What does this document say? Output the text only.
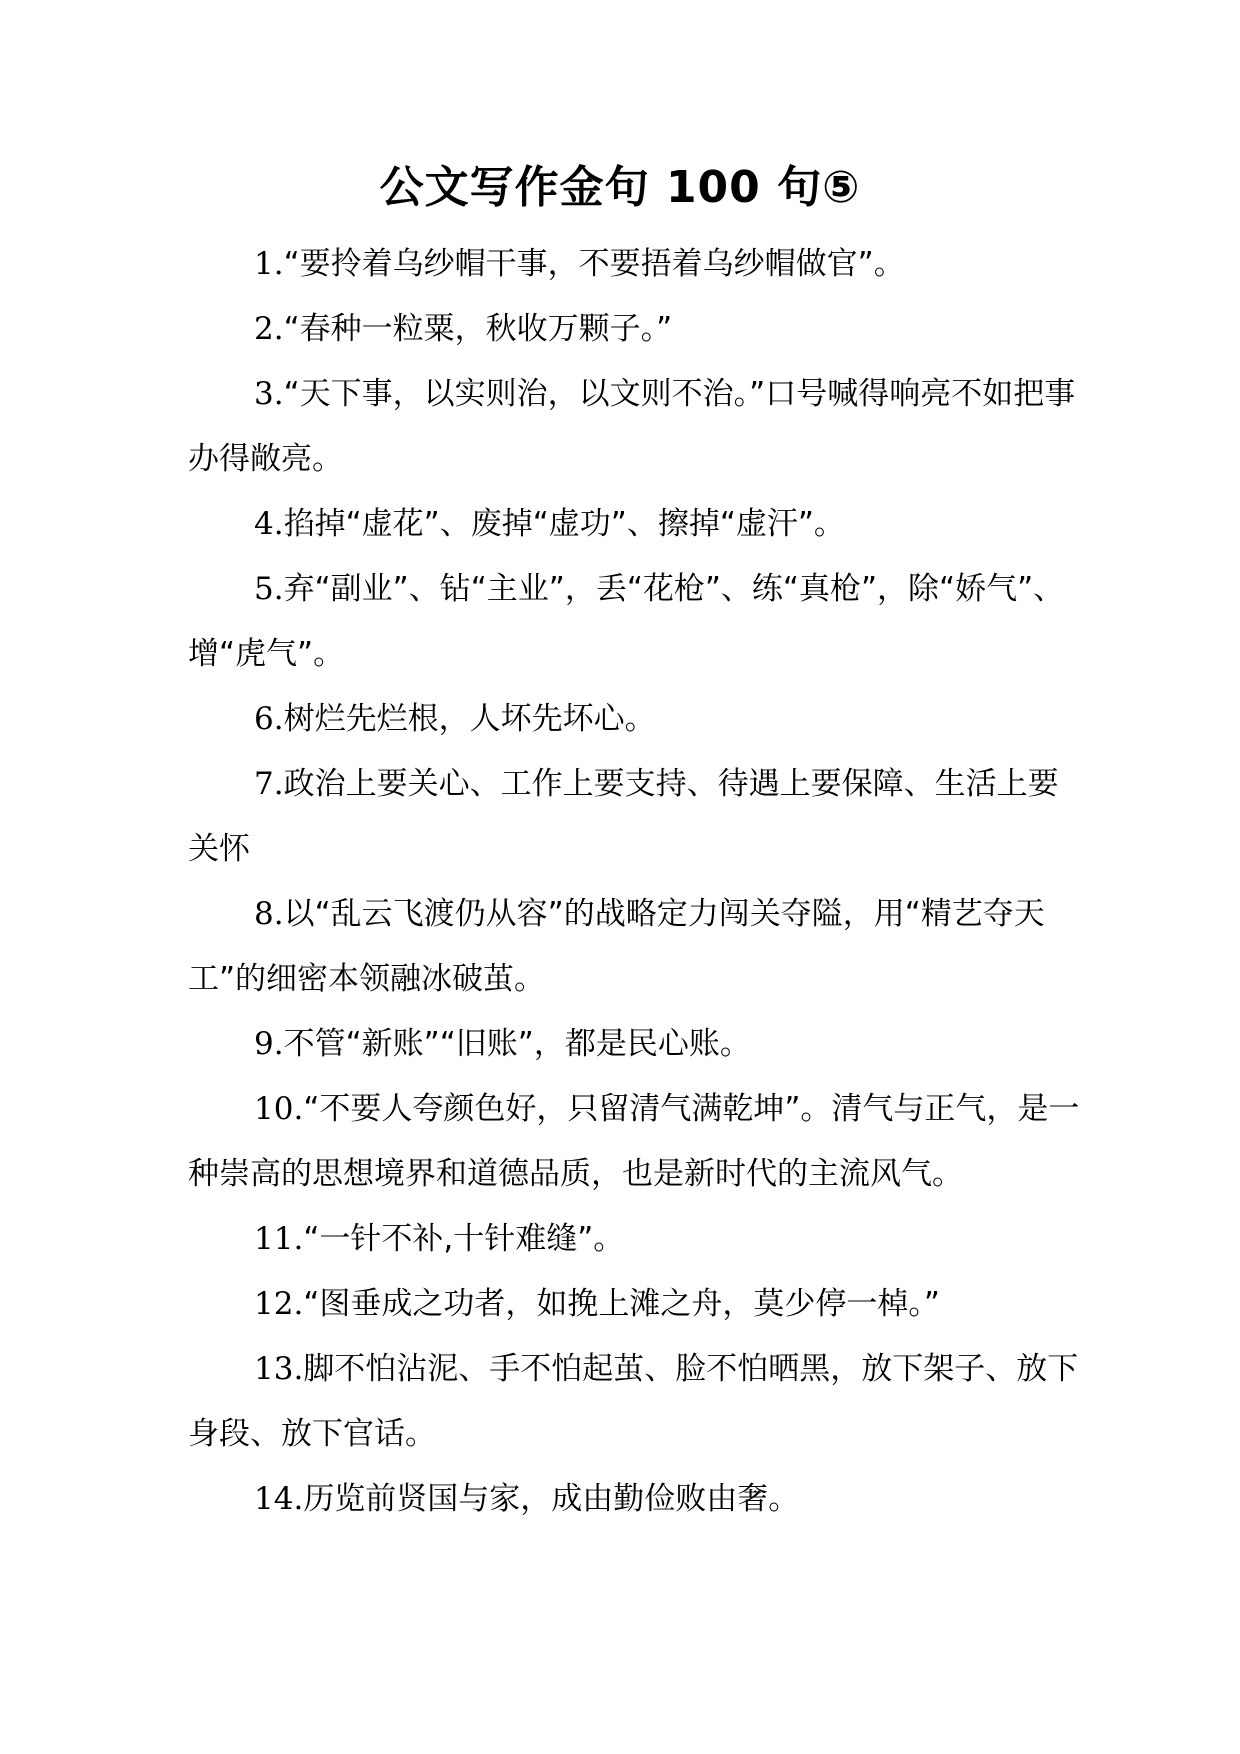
公文写作金句 100 句⑤

1.“要拎着乌纱帽干事，不要捂着乌纱帽做官”。

2.“春种一粒粟，秋收万颗子。”

3.“天下事，以实则治，以文则不治。”口号喊得响亮不如把事办得敞亮。

4.掐掉“虚花”、废掉“虚功”、擦掉“虚汗”。

5.弃“副业”、钻“主业”，丢“花枪”、练“真枪”，除“娇气”、增“虎气”。

6.树烂先烂根，人坏先坏心。

7.政治上要关心、工作上要支持、待遇上要保障、生活上要关怀

8.以“乱云飞渡仍从容”的战略定力闯关夺隘，用“精艺夺天工”的细密本领融冰破茧。

9.不管“新账”“旧账”，都是民心账。

10.“不要人夸颜色好，只留清气满乾坤”。清气与正气，是一种崇高的思想境界和道德品质，也是新时代的主流风气。

11.“一针不补,十针难缝”。

12.“图垂成之功者，如挽上滩之舟，莫少停一棹。”

13.脚不怕沾泥、手不怕起茧、脸不怕晒黑，放下架子、放下身段、放下官话。

14.历览前贤国与家，成由勤俭败由奢。
